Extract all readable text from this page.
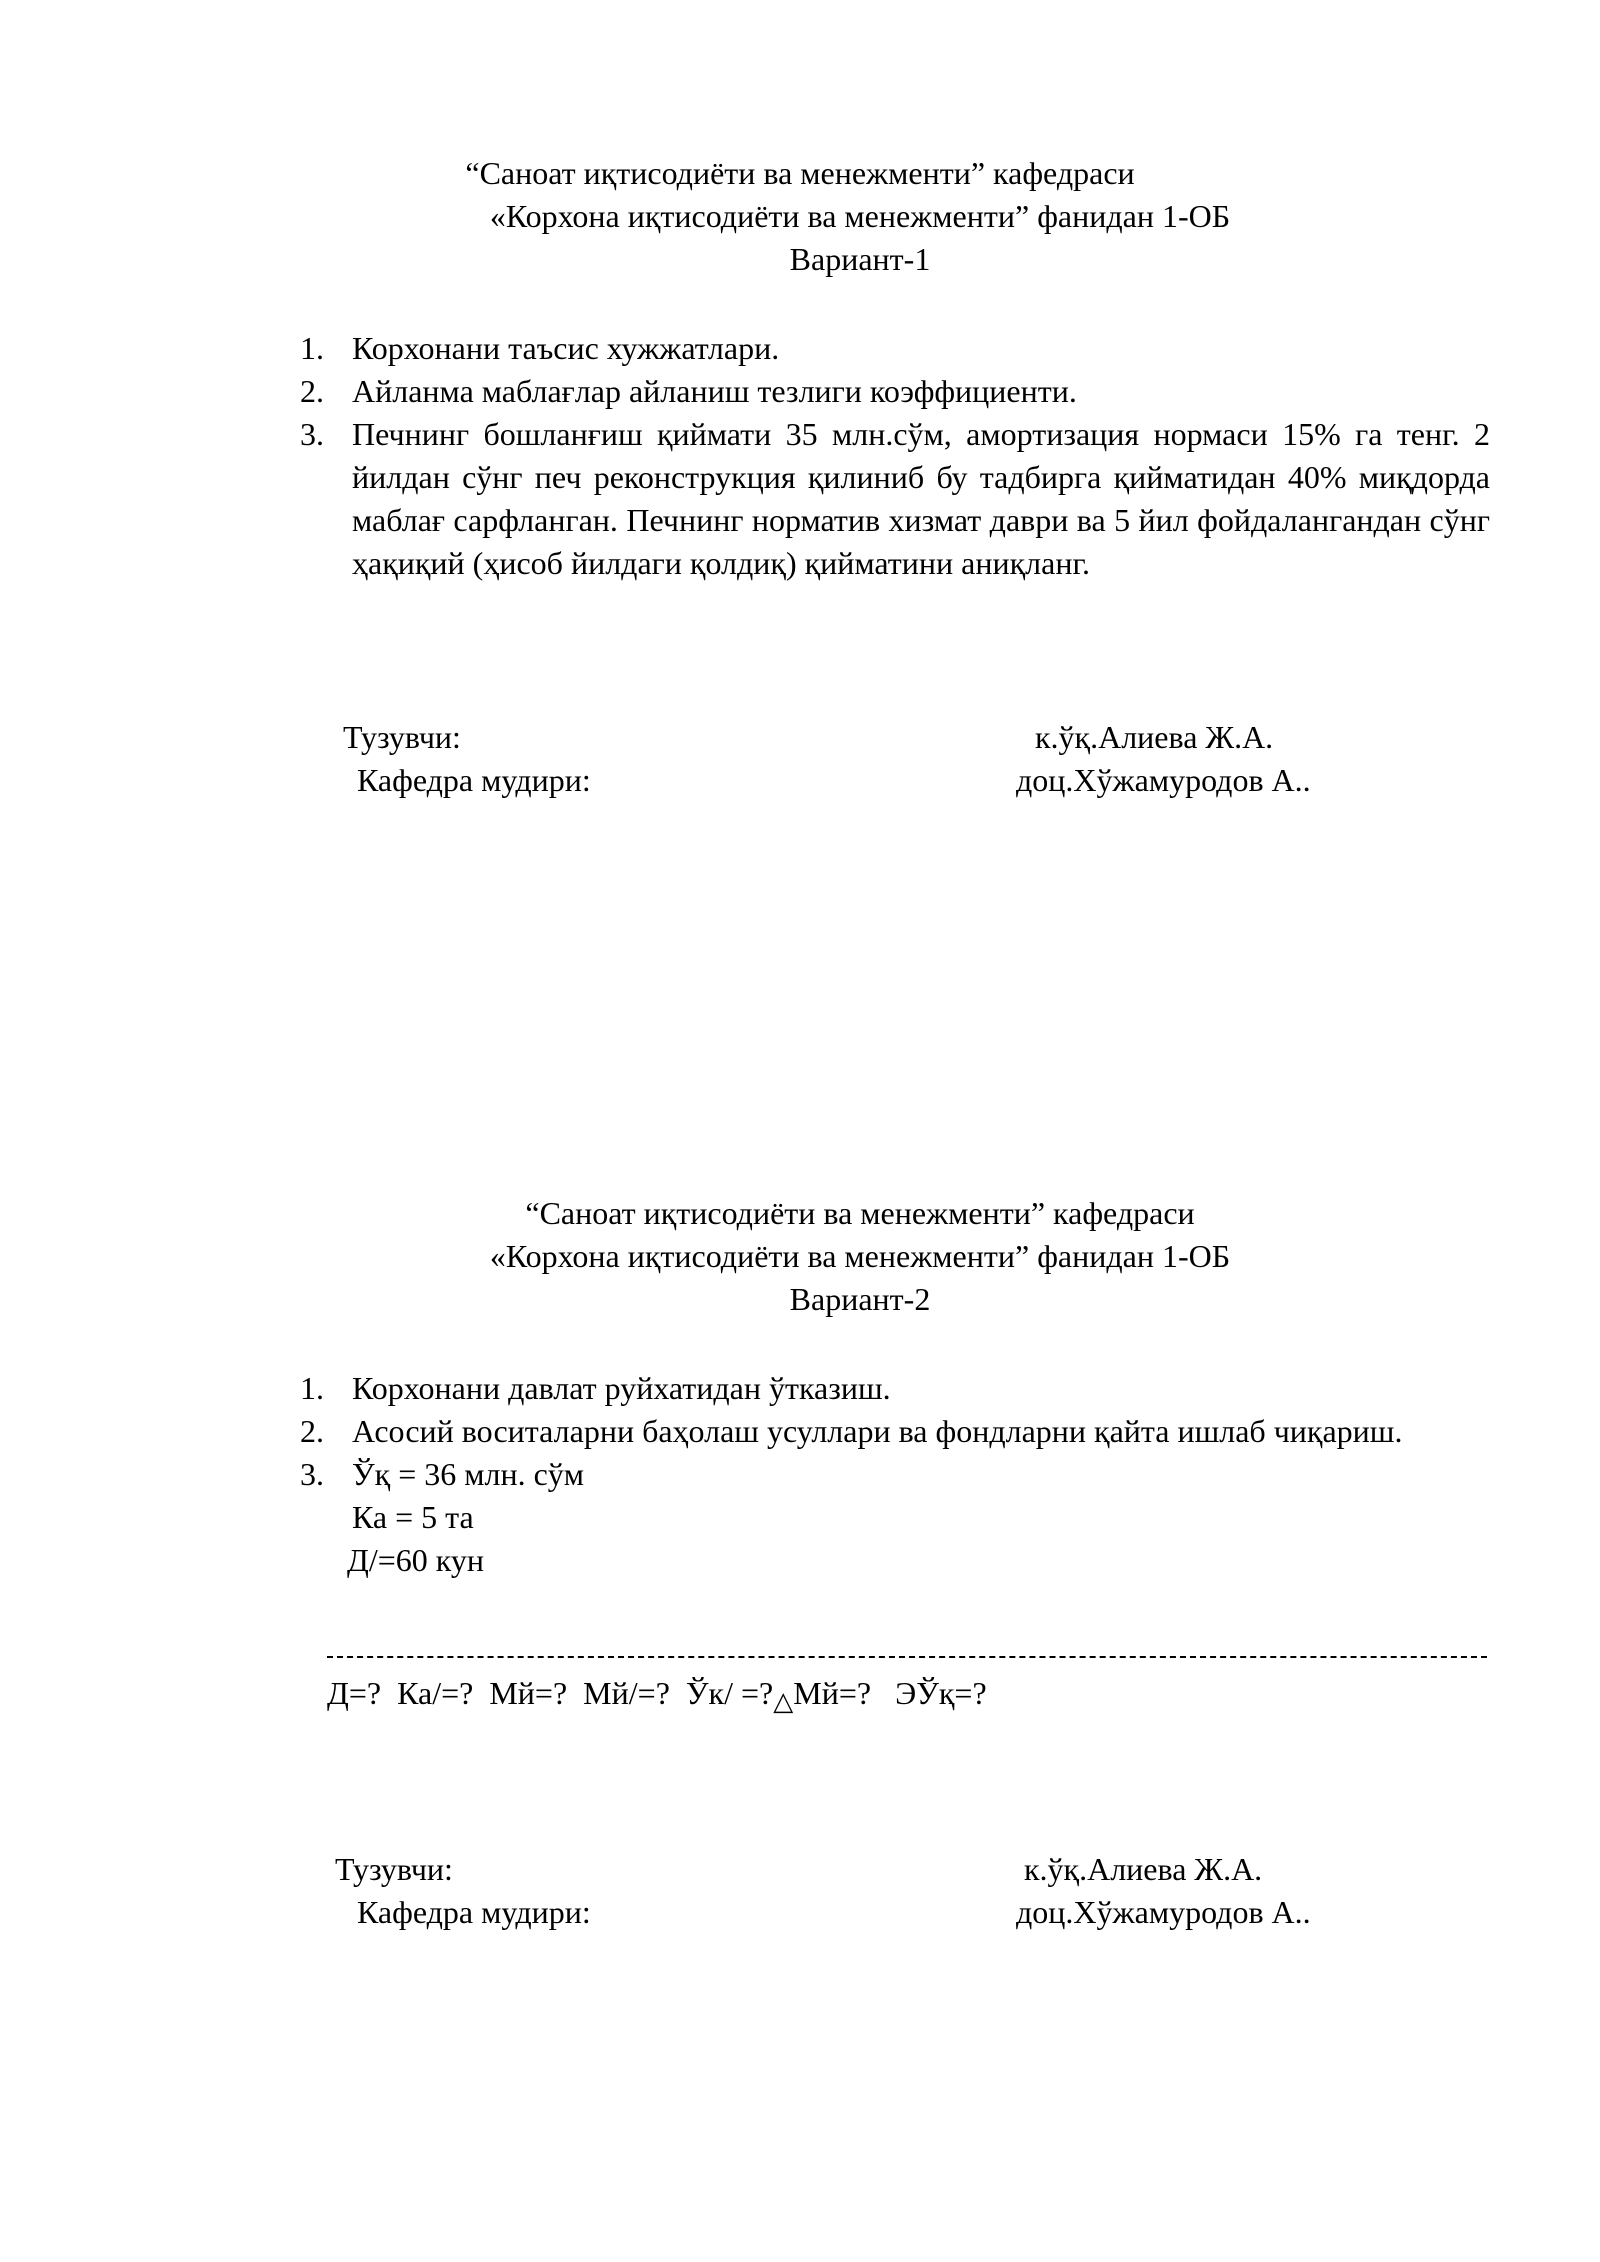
“Саноат иқтисодиёти ва менежменти” кафедраси
«Корхона иқтисодиёти ва менежменти” фанидан 1-ОБ
Вариант-1
1. Корхонани таъсис хужжатлари.
2. Айланма маблағлар айланиш тезлиги коэффициенти.
3. Печнинг бошланғиш қиймати 35 млн.сўм, амортизация нормаси 15% га тенг. 2 йилдан сўнг печ реконструкция қилиниб бу тадбирга қийматидан 40% миқдорда маблағ сарфланган. Печнинг норматив хизмат даври ва 5 йил фойдалангандан сўнг ҳақиқий (ҳисоб йилдаги қолдиқ) қийматини аниқланг.
Тузувчи:	к.ўқ.Алиева Ж.А.
Кафедра мудири:	доц.Хўжамуродов А..
“Саноат иқтисодиёти ва менежменти” кафедраси
«Корхона иқтисодиёти ва менежменти” фанидан 1-ОБ
Вариант-2
1. Корхонани давлат руйхатидан ўтказиш.
2. Асосий воситаларни баҳолаш усуллари ва фондларни қайта ишлаб чиқариш.
3. Ўқ = 36 млн. сўм
Ка = 5 та
Д/=60 кун
Д=?  Ка/=?  Мй=?  Мй/=?  Ўк/ =?△Мй=?   ЭЎқ=?
Тузувчи:	к.ўқ.Алиева Ж.А.
Кафедра мудири:	доц.Хўжамуродов А..
